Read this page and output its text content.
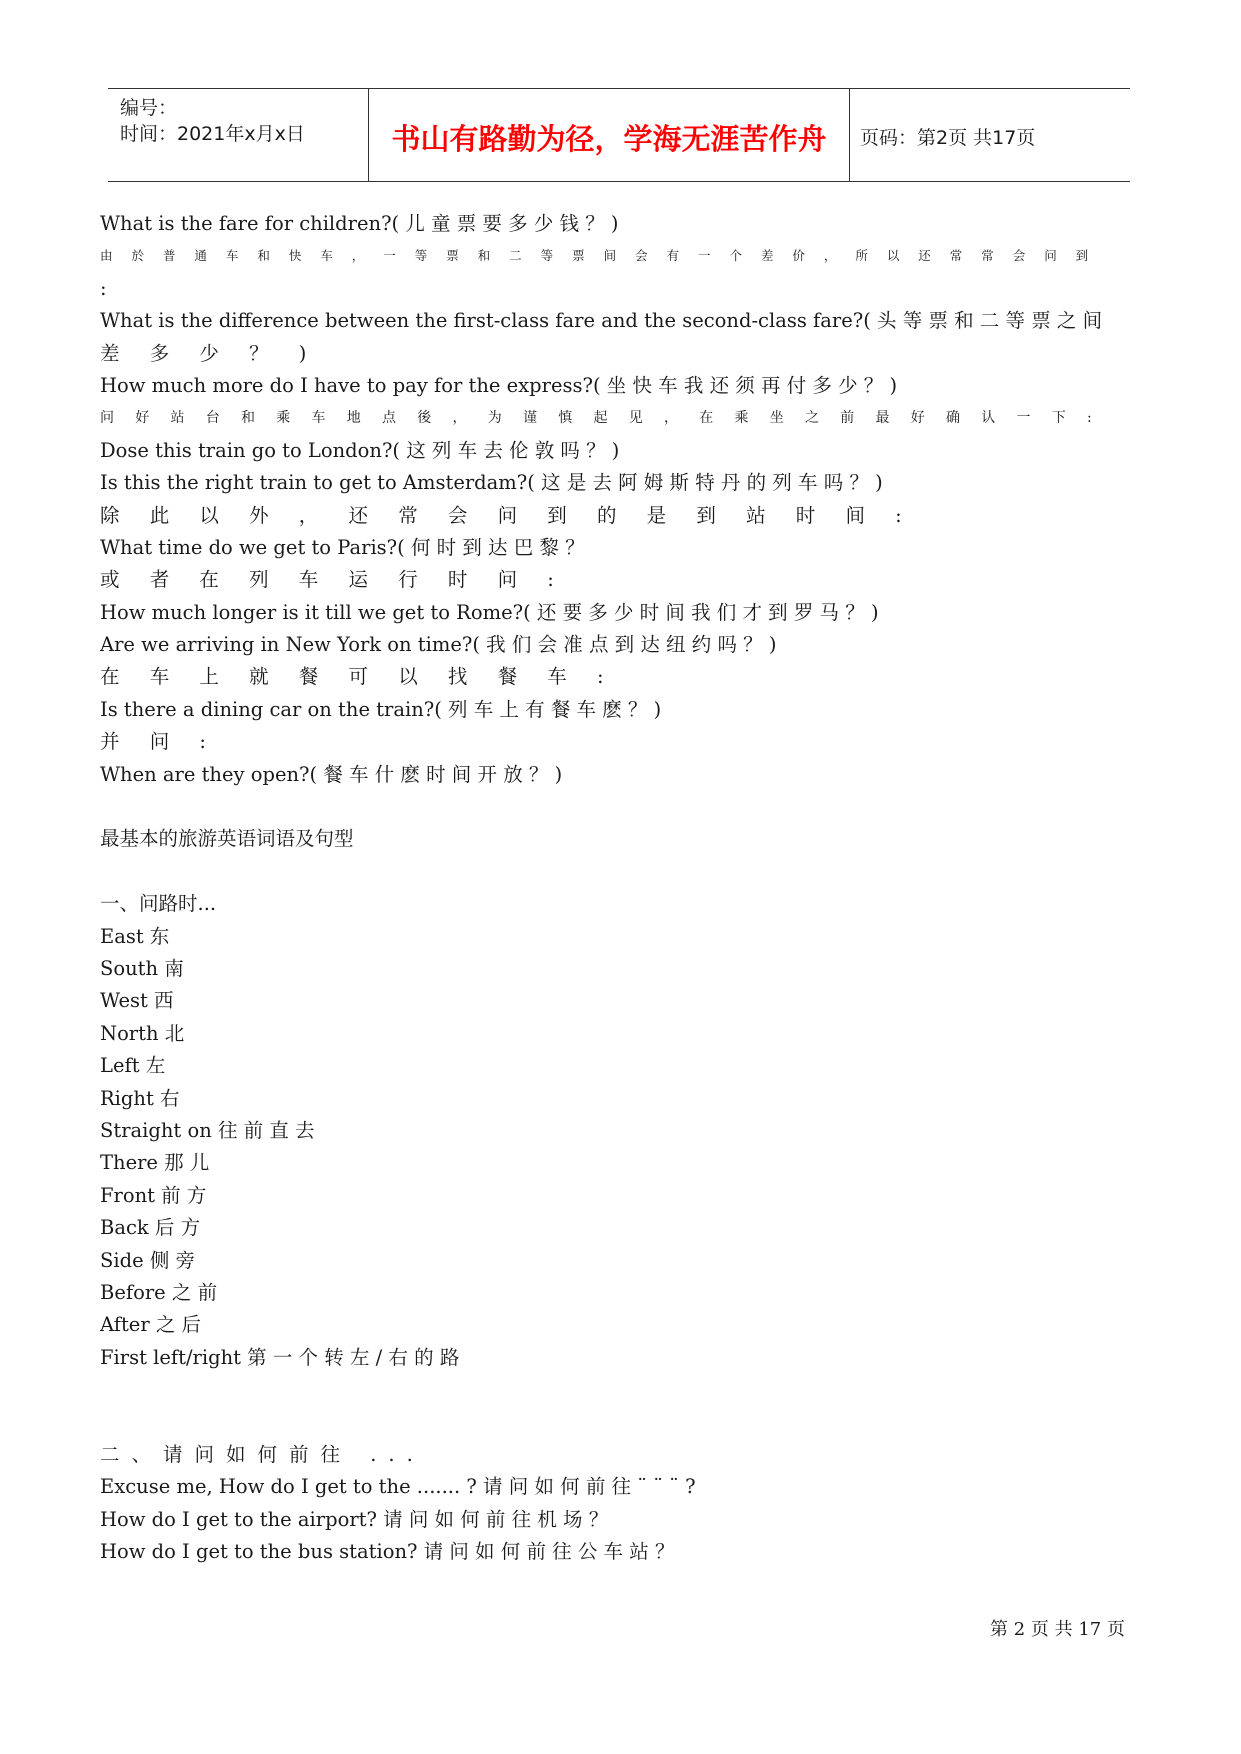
编号：
时间：2021年x月x日	书山有路勤为径，学海无涯苦作舟	页码：第2页 共17页
What is the fare for children?( 儿 童 票 要 多 少 钱 ？ )
由 於 普 通 车 和 快 车 ， 一 等 票 和 二 等 票 间 会 有 一 个 差 价 ， 所 以 还 常 常 会 问 到
:
What is the difference between the first-class fare and the second-class fare?( 头 等 票 和 二 等 票 之 间
差 多 少 ？ )
How much more do I have to pay for the express?( 坐 快 车 我 还 须 再 付 多 少 ？ )
问 好 站 台 和 乘 车 地 点 後 ， 为 谨 慎 起 见 ， 在 乘 坐 之 前 最 好 确 认 一 下 :
Dose this train go to London?( 这 列 车 去 伦 敦 吗 ？ )
Is this the right train to get to Amsterdam?( 这 是 去 阿 姆 斯 特 丹 的 列 车 吗 ？ )
除 此 以 外 ， 还 常 会 问 到 的 是 到 站 时 间 :
What time do we get to Paris?( 何 时 到 达 巴 黎 ？
或 者 在 列 车 运 行 时 问 :
How much longer is it till we get to Rome?( 还 要 多 少 时 间 我 们 才 到 罗 马 ？ )
Are we arriving in New York on time?( 我 们 会 准 点 到 达 纽 约 吗 ？ )
在 车 上 就 餐 可 以 找 餐 车 :
Is there a dining car on the train?( 列 车 上 有 餐 车 麽 ？ )
并 问 :
When are they open?( 餐 车 什 麽 时 间 开 放 ？ )
最基本的旅游英语词语及句型
一、问路时...
East 东
South 南
West 西
North 北
Left 左
Right 右
Straight on 往 前 直 去
There 那 儿
Front 前 方
Back 后 方
Side 侧 旁
Before 之 前
After 之 后
First left/right 第 一 个 转 左 / 右 的 路
二、请问如何前往 ...
Excuse me, How do I get to the ....... ? 请 问 如 何 前 往 ¨ ¨ ¨ ?
How do I get to the airport? 请 问 如 何 前 往 机 场 ？
How do I get to the bus station? 请 问 如 何 前 往 公 车 站 ？
第 2 页 共 17 页
